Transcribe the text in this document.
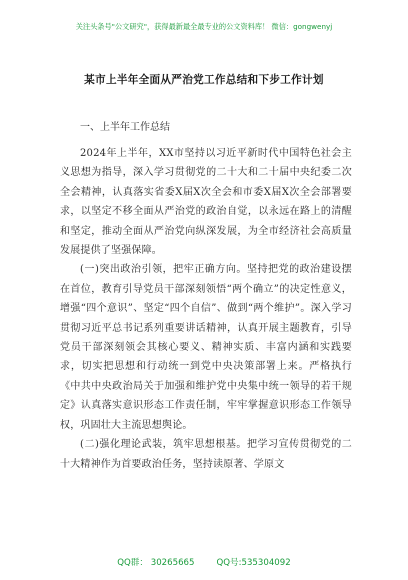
关注头条号"公文研究"，获得最新最全最专业的公文资料库！ 微信：gongwenyj
某市上半年全面从严治党工作总结和下步工作计划

一、上半年工作总结

2024年上半年，XX市坚持以习近平新时代中国特色社会主义思想为指导，深入学习贯彻党的二十大和二十届中央纪委二次全会精神，认真落实省委X届X次全会和市委X届X次全会部署要求，以坚定不移全面从严治党的政治自觉，以永远在路上的清醒和坚定，推动全面从严治党向纵深发展，为全市经济社会高质量发展提供了坚强保障。

(一)突出政治引领，把牢正确方向。坚持把党的政治建设摆在首位，教育引导党员干部深刻领悟“两个确立”的决定性意义，增强“四个意识”、坚定“四个自信”、做到“两个维护”。深入学习贯彻习近平总书记系列重要讲话精神，认真开展主题教育，引导党员干部深刻领会其核心要义、精神实质、丰富内涵和实践要求，切实把思想和行动统一到党中央决策部署上来。严格执行《中共中央政治局关于加强和维护党中央集中统一领导的若干规定》认真落实意识形态工作责任制，牢牢掌握意识形态工作领导权，巩固壮大主流思想舆论。

(二)强化理论武装，筑牢思想根基。把学习宣传贯彻党的二十大精神作为首要政治任务，坚持读原著、学原文

QQ群： 30265665	QQ号:535304092
